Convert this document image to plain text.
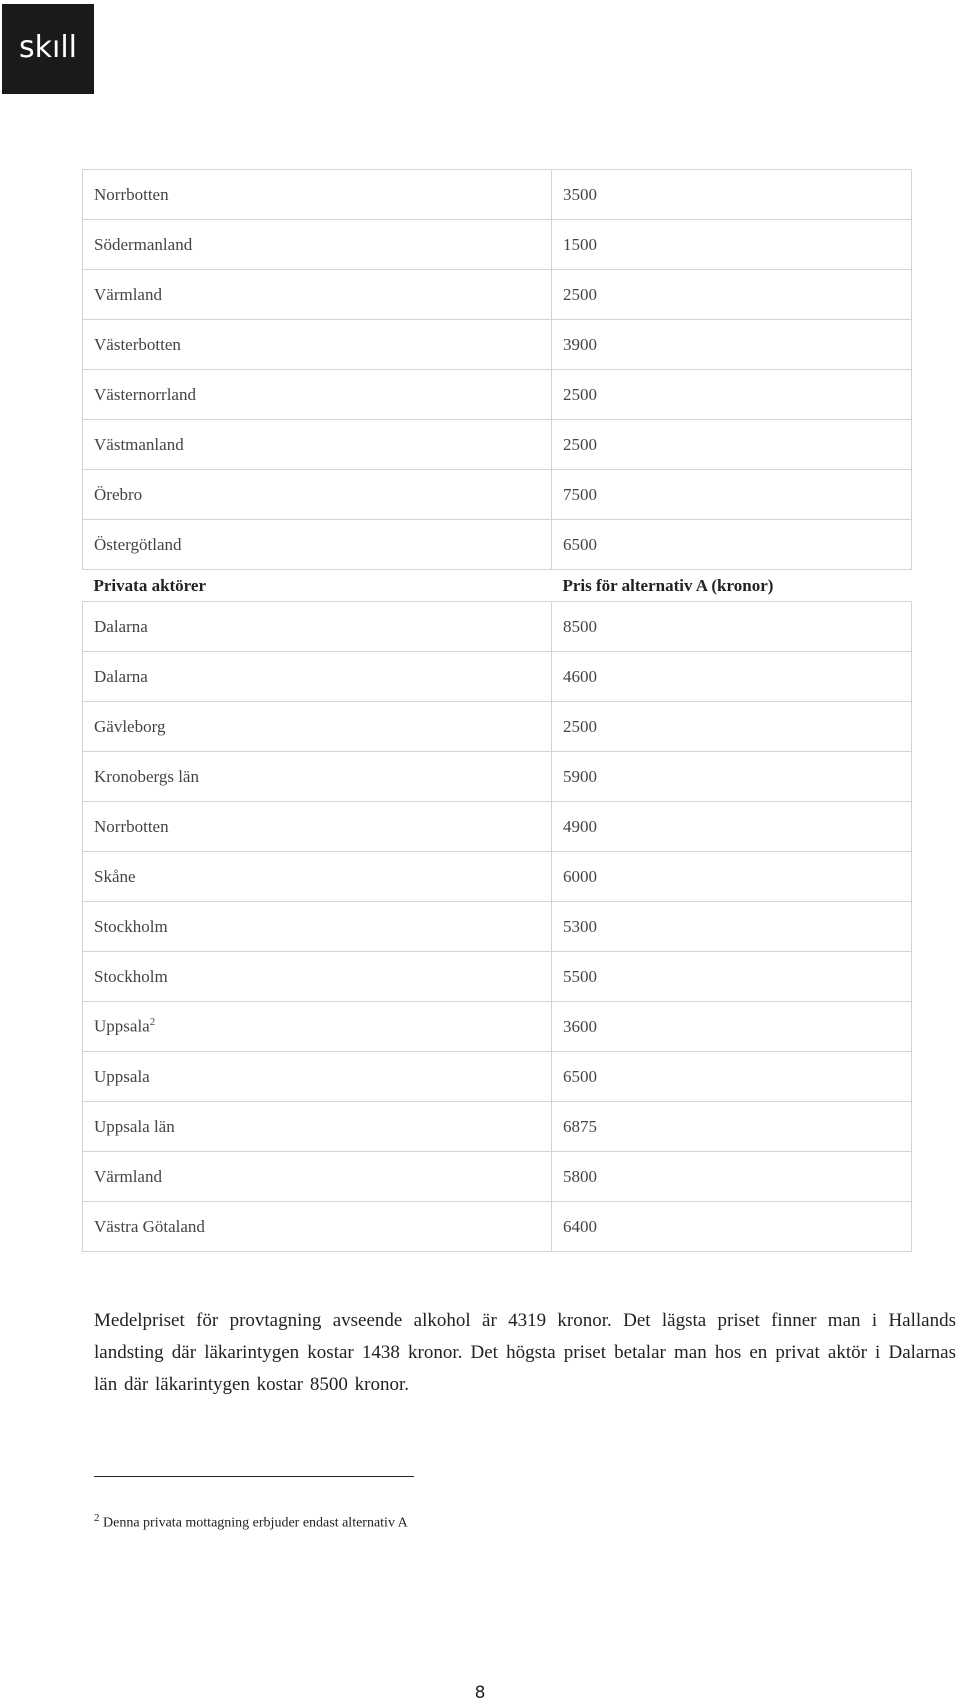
skıll
Norrbotten	3500
Södermanland	1500
Värmland	2500
Västerbotten	3900
Västernorrland	2500
Västmanland	2500
Örebro	7500
Östergötland	6500
Privata aktörer	Pris för alternativ A (kronor)
Dalarna	8500
Dalarna	4600
Gävleborg	2500
Kronobergs län	5900
Norrbotten	4900
Skåne	6000
Stockholm	5300
Stockholm	5500
Uppsala$^2$	3600
Uppsala	6500
Uppsala län	6875
Värmland	5800
Västra Götaland	6400

Medelpriset för provtagning avseende alkohol är 4319 kronor. Det lägsta priset finner man i Hallands landsting där läkarintygen kostar 1438 kronor. Det högsta priset betalar man hos en privat aktör i Dalarnas län där läkarintygen kostar 8500 kronor.

$^2$ Denna privata mottagning erbjuder endast alternativ A
8
